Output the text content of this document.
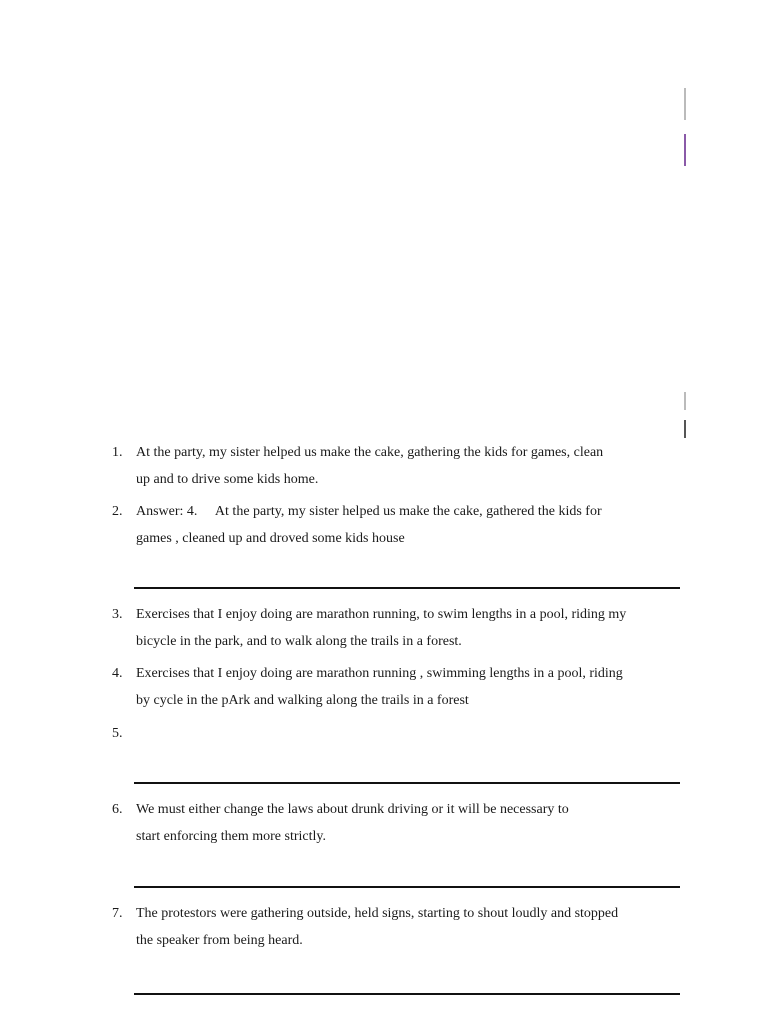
1. At the party, my sister helped us make the cake, gathering the kids for games, clean
up and to drive some kids home.
2. Answer: 4.     At the party, my sister helped us make the cake, gathered the kids for
games , cleaned up and droved some kids house
3. Exercises that I enjoy doing are marathon running, to swim lengths in a pool, riding my
bicycle in the park, and to walk along the trails in a forest.
4. Exercises that I enjoy doing are marathon running , swimming lengths in a pool, riding
by cycle in the pArk and walking along the trails in a forest
5.
6. We must either change the laws about drunk driving or it will be necessary to
start enforcing them more strictly.
7. The protestors were gathering outside, held signs, starting to shout loudly and stopped
the speaker from being heard.
